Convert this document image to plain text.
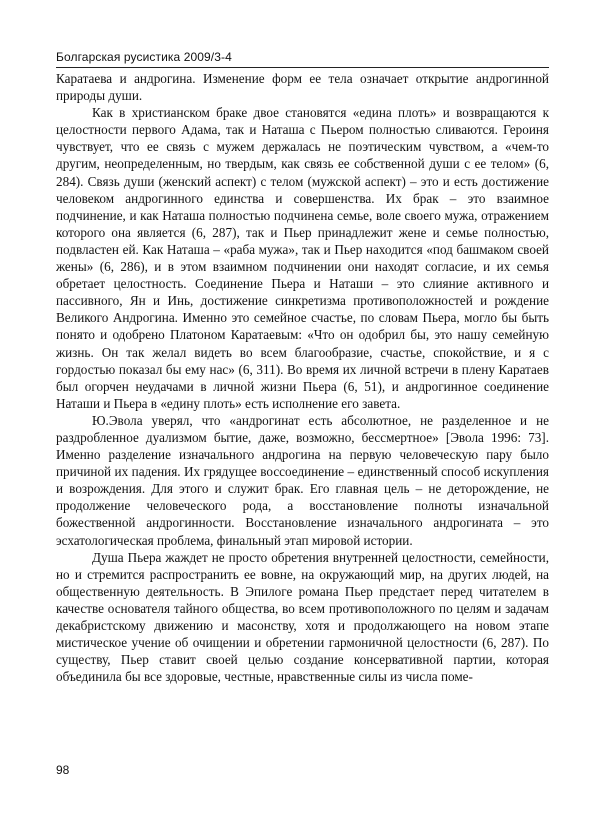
Болгарская русистика 2009/3-4

Каратаева и андрогина. Изменение форм ее тела означает открытие андрогинной природы души.

Как в христианском браке двое становятся «едина плоть» и возвращаются к целостности первого Адама, так и Наташа с Пьером полностью сливаются. Героиня чувствует, что ее связь с мужем держалась не поэтическим чувством, а «чем-то другим, неопределенным, но твердым, как связь ее собственной души с ее телом» (6, 284). Связь души (женский аспект) с телом (мужской аспект) – это и есть достижение человеком андрогинного единства и совершенства. Их брак – это взаимное подчинение, и как Наташа полностью подчинена семье, воле своего мужа, отражением которого она является (6, 287), так и Пьер принадлежит жене и семье полностью, подвластен ей. Как Наташа – «раба мужа», так и Пьер находится «под башмаком своей жены» (6, 286), и в этом взаимном подчинении они находят согласие, и их семья обретает целостность. Соединение Пьера и Наташи – это слияние активного и пассивного, Ян и Инь, достижение синкретизма противоположностей и рождение Великого Андрогина. Именно это семейное счастье, по словам Пьера, могло бы быть понято и одобрено Платоном Каратаевым: «Что он одобрил бы, это нашу семейную жизнь. Он так желал видеть во всем благообразие, счастье, спокойствие, и я с гордостью показал бы ему нас» (6, 311). Во время их личной встречи в плену Каратаев был огорчен неудачами в личной жизни Пьера (6, 51), и андрогинное соединение Наташи и Пьера в «едину плоть» есть исполнение его завета.

Ю.Эвола уверял, что «андрогинат есть абсолютное, не разделенное и не раздробленное дуализмом бытие, даже, возможно, бессмертное» [Эвола 1996: 73]. Именно разделение изначального андрогина на первую человеческую пару было причиной их падения. Их грядущее воссоединение – единственный способ искупления и возрождения. Для этого и служит брак. Его главная цель – не деторождение, не продолжение человеческого рода, а восстановление полноты изначальной божественной андрогинности. Восстановление изначального андрогината – это эсхатологическая проблема, финальный этап мировой истории.

Душа Пьера жаждет не просто обретения внутренней целостности, семейности, но и стремится распространить ее вовне, на окружающий мир, на других людей, на общественную деятельность. В Эпилоге романа Пьер предстает перед читателем в качестве основателя тайного общества, во всем противоположного по целям и задачам декабристскому движению и масонству, хотя и продолжающего на новом этапе мистическое учение об очищении и обретении гармоничной целостности (6, 287). По существу, Пьер ставит своей целью создание консервативной партии, которая объединила бы все здоровые, честные, нравственные силы из числа поме-

98
